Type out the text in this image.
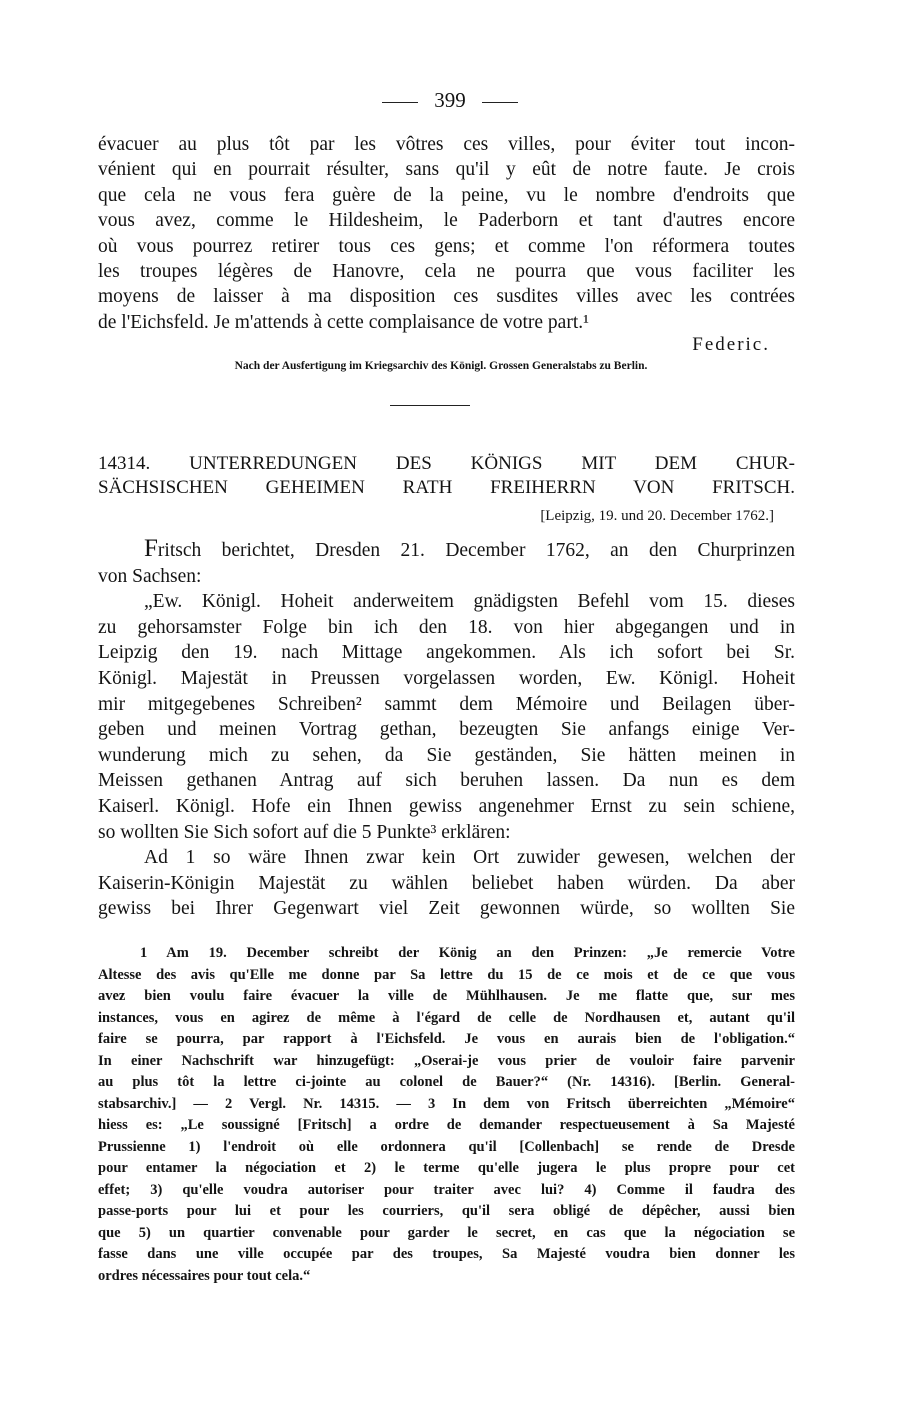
399
évacuer au plus tôt par les vôtres ces villes, pour éviter tout incon-
vénient qui en pourrait résulter, sans qu'il y eût de notre faute. Je crois
que cela ne vous fera guère de la peine, vu le nombre d'endroits que
vous avez, comme le Hildesheim, le Paderborn et tant d'autres encore
où vous pourrez retirer tous ces gens; et comme l'on réformera toutes
les troupes légères de Hanovre, cela ne pourra que vous faciliter les
moyens de laisser à ma disposition ces susdites villes avec les contrées
de l'Eichsfeld. Je m'attends à cette complaisance de votre part.¹
Federic.
Nach der Ausfertigung im Kriegsarchiv des Königl. Grossen Generalstabs zu Berlin.
14314. UNTERREDUNGEN DES KÖNIGS MIT DEM CHUR-
SÄCHSISCHEN GEHEIMEN RATH FREIHERRN VON FRITSCH.
[Leipzig, 19. und 20. December 1762.]
Fritsch berichtet, Dresden 21. December 1762, an den Churprinzen
von Sachsen:
„Ew. Königl. Hoheit anderweitem gnädigsten Befehl vom 15. dieses
zu gehorsamster Folge bin ich den 18. von hier abgegangen und in
Leipzig den 19. nach Mittage angekommen. Als ich sofort bei Sr.
Königl. Majestät in Preussen vorgelassen worden, Ew. Königl. Hoheit
mir mitgegebenes Schreiben² sammt dem Mémoire und Beilagen über-
geben und meinen Vortrag gethan, bezeugten Sie anfangs einige Ver-
wunderung mich zu sehen, da Sie geständen, Sie hätten meinen in
Meissen gethanen Antrag auf sich beruhen lassen. Da nun es dem
Kaiserl. Königl. Hofe ein Ihnen gewiss angenehmer Ernst zu sein schiene,
so wollten Sie Sich sofort auf die 5 Punkte³ erklären:
Ad 1 so wäre Ihnen zwar kein Ort zuwider gewesen, welchen der
Kaiserin-Königin Majestät zu wählen beliebet haben würden. Da aber
gewiss bei Ihrer Gegenwart viel Zeit gewonnen würde, so wollten Sie
1 Am 19. December schreibt der König an den Prinzen: „Je remercie Votre
Altesse des avis qu'Elle me donne par Sa lettre du 15 de ce mois et de ce que vous
avez bien voulu faire évacuer la ville de Mühlhausen. Je me flatte que, sur mes
instances, vous en agirez de même à l'égard de celle de Nordhausen et, autant qu'il
faire se pourra, par rapport à l'Eichsfeld. Je vous en aurais bien de l'obligation.“
In einer Nachschrift war hinzugefügt: „Oserai-je vous prier de vouloir faire parvenir
au plus tôt la lettre ci-jointe au colonel de Bauer?“ (Nr. 14316). [Berlin. General-
stabsarchiv.] — 2 Vergl. Nr. 14315. — 3 In dem von Fritsch überreichten „Mémoire“
hiess es: „Le soussigné [Fritsch] a ordre de demander respectueusement à Sa Majesté
Prussienne 1) l'endroit où elle ordonnera qu'il [Collenbach] se rende de Dresde
pour entamer la négociation et 2) le terme qu'elle jugera le plus propre pour cet
effet; 3) qu'elle voudra autoriser pour traiter avec lui? 4) Comme il faudra des
passe-ports pour lui et pour les courriers, qu'il sera obligé de dépêcher, aussi bien
que 5) un quartier convenable pour garder le secret, en cas que la négociation se
fasse dans une ville occupée par des troupes, Sa Majesté voudra bien donner les
ordres nécessaires pour tout cela.“
